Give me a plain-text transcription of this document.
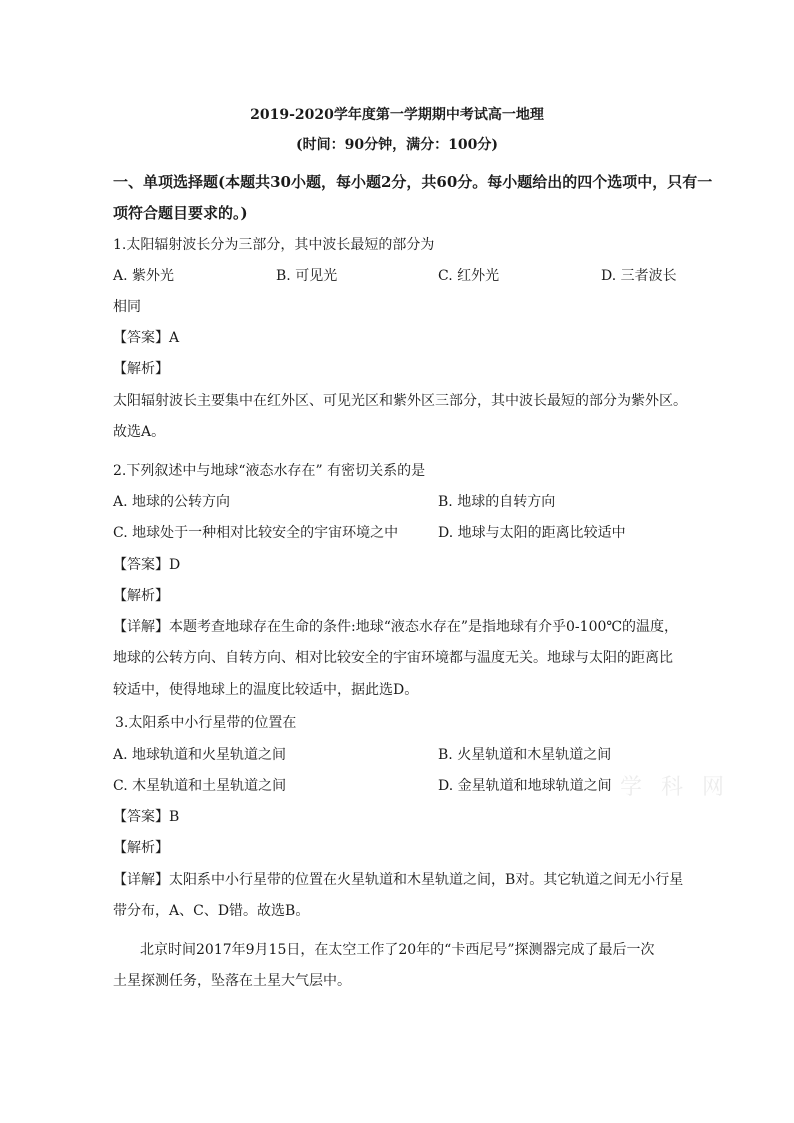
2019-2020学年度第一学期期中考试高一地理
(时间：90分钟，满分：100分)
一、单项选择题(本题共30小题，每小题2分，共60分。每小题给出的四个选项中，只有一
项符合题目要求的。)
1.太阳辐射波长分为三部分，其中波长最短的部分为
A. 紫外光	B. 可见光	C. 红外光	D. 三者波长
相同
【答案】A
【解析】
太阳辐射波长主要集中在红外区、可见光区和紫外区三部分，其中波长最短的部分为紫外区。
故选A。
2.下列叙述中与地球“液态水存在” 有密切关系的是
A. 地球的公转方向	B. 地球的自转方向
C. 地球处于一种相对比较安全的宇宙环境之中	D. 地球与太阳的距离比较适中
【答案】D
【解析】
【详解】本题考查地球存在生命的条件:地球“液态水存在”是指地球有介乎0-100℃的温度，
地球的公转方向、自转方向、相对比较安全的宇宙环境都与温度无关。地球与太阳的距离比
较适中，使得地球上的温度比较适中，据此选D。
3.太阳系中小行星带的位置在
A. 地球轨道和火星轨道之间	B. 火星轨道和木星轨道之间
C. 木星轨道和土星轨道之间	D. 金星轨道和地球轨道之间
【答案】B
【解析】
【详解】太阳系中小行星带的位置在火星轨道和木星轨道之间，B对。其它轨道之间无小行星
带分布，A、C、D错。故选B。
北京时间2017年9月15日，在太空工作了20年的“卡西尼号”探测器完成了最后一次
土星探测任务，坠落在土星大气层中。
学 科 网
